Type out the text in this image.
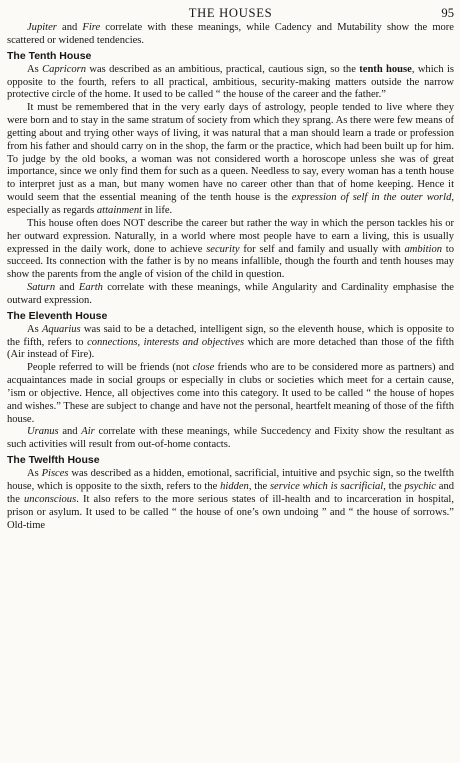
THE HOUSES	95

Jupiter and Fire correlate with these meanings, while Cadency and Mutability show the more scattered or widened tendencies.

The Tenth House

As Capricorn was described as an ambitious, practical, cautious sign, so the tenth house, which is opposite to the fourth, refers to all practical, ambitious, security-making matters outside the narrow protective circle of the home. It used to be called “ the house of the career and the father.”

It must be remembered that in the very early days of astrology, people tended to live where they were born and to stay in the same stratum of society from which they sprang. As there were few means of getting about and trying other ways of living, it was natural that a man should learn a trade or profession from his father and should carry on in the shop, the farm or the practice, which had been built up for him. To judge by the old books, a woman was not considered worth a horoscope unless she was of great importance, since we only find them for such as a queen. Needless to say, every woman has a tenth house to interpret just as a man, but many women have no career other than that of home keeping. Hence it would seem that the essential meaning of the tenth house is the expression of self in the outer world, especially as regards attainment in life.

This house often does NOT describe the career but rather the way in which the person tackles his or her outward expression. Naturally, in a world where most people have to earn a living, this is usually expressed in the daily work, done to achieve security for self and family and usually with ambition to succeed. Its connection with the father is by no means infallible, though the fourth and tenth houses may show the parents from the angle of vision of the child in question.

Saturn and Earth correlate with these meanings, while Angularity and Cardinality emphasise the outward expression.

The Eleventh House

As Aquarius was said to be a detached, intelligent sign, so the eleventh house, which is opposite to the fifth, refers to connections, interests and objectives which are more detached than those of the fifth (Air instead of Fire).

People referred to will be friends (not close friends who are to be considered more as partners) and acquaintances made in social groups or especially in clubs or societies which meet for a certain cause, ’ism or objective. Hence, all objectives come into this category. It used to be called “ the house of hopes and wishes.” These are subject to change and have not the personal, heartfelt meaning of those of the fifth house.

Uranus and Air correlate with these meanings, while Succedency and Fixity show the resultant as such activities will result from out-of-home contacts.

The Twelfth House

As Pisces was described as a hidden, emotional, sacrificial, intuitive and psychic sign, so the twelfth house, which is opposite to the sixth, refers to the hidden, the service which is sacrificial, the psychic and the unconscious. It also refers to the more serious states of ill-health and to incarceration in hospital, prison or asylum. It used to be called “ the house of one’s own undoing ” and “ the house of sorrows.” Old-time
